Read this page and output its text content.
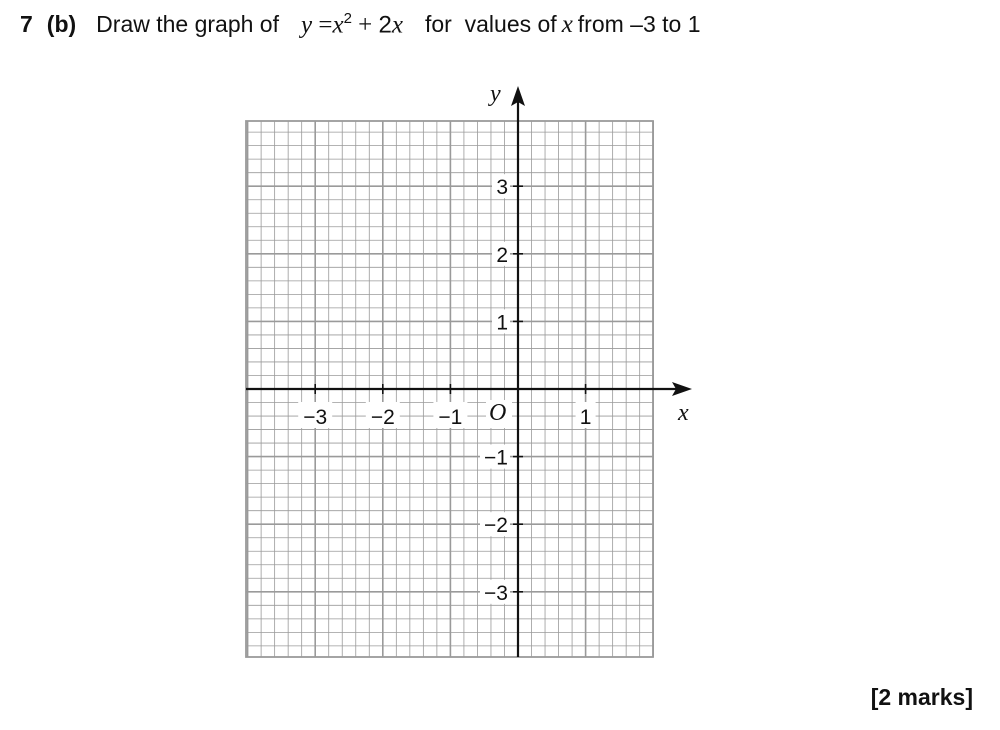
7 (b) Draw the graph of $y =x^2 + 2x$ for  values of x from –3 to 1
−3 −2 −1	1
3
2
1
−1
−2
−3
x
y
O
[2 marks]
